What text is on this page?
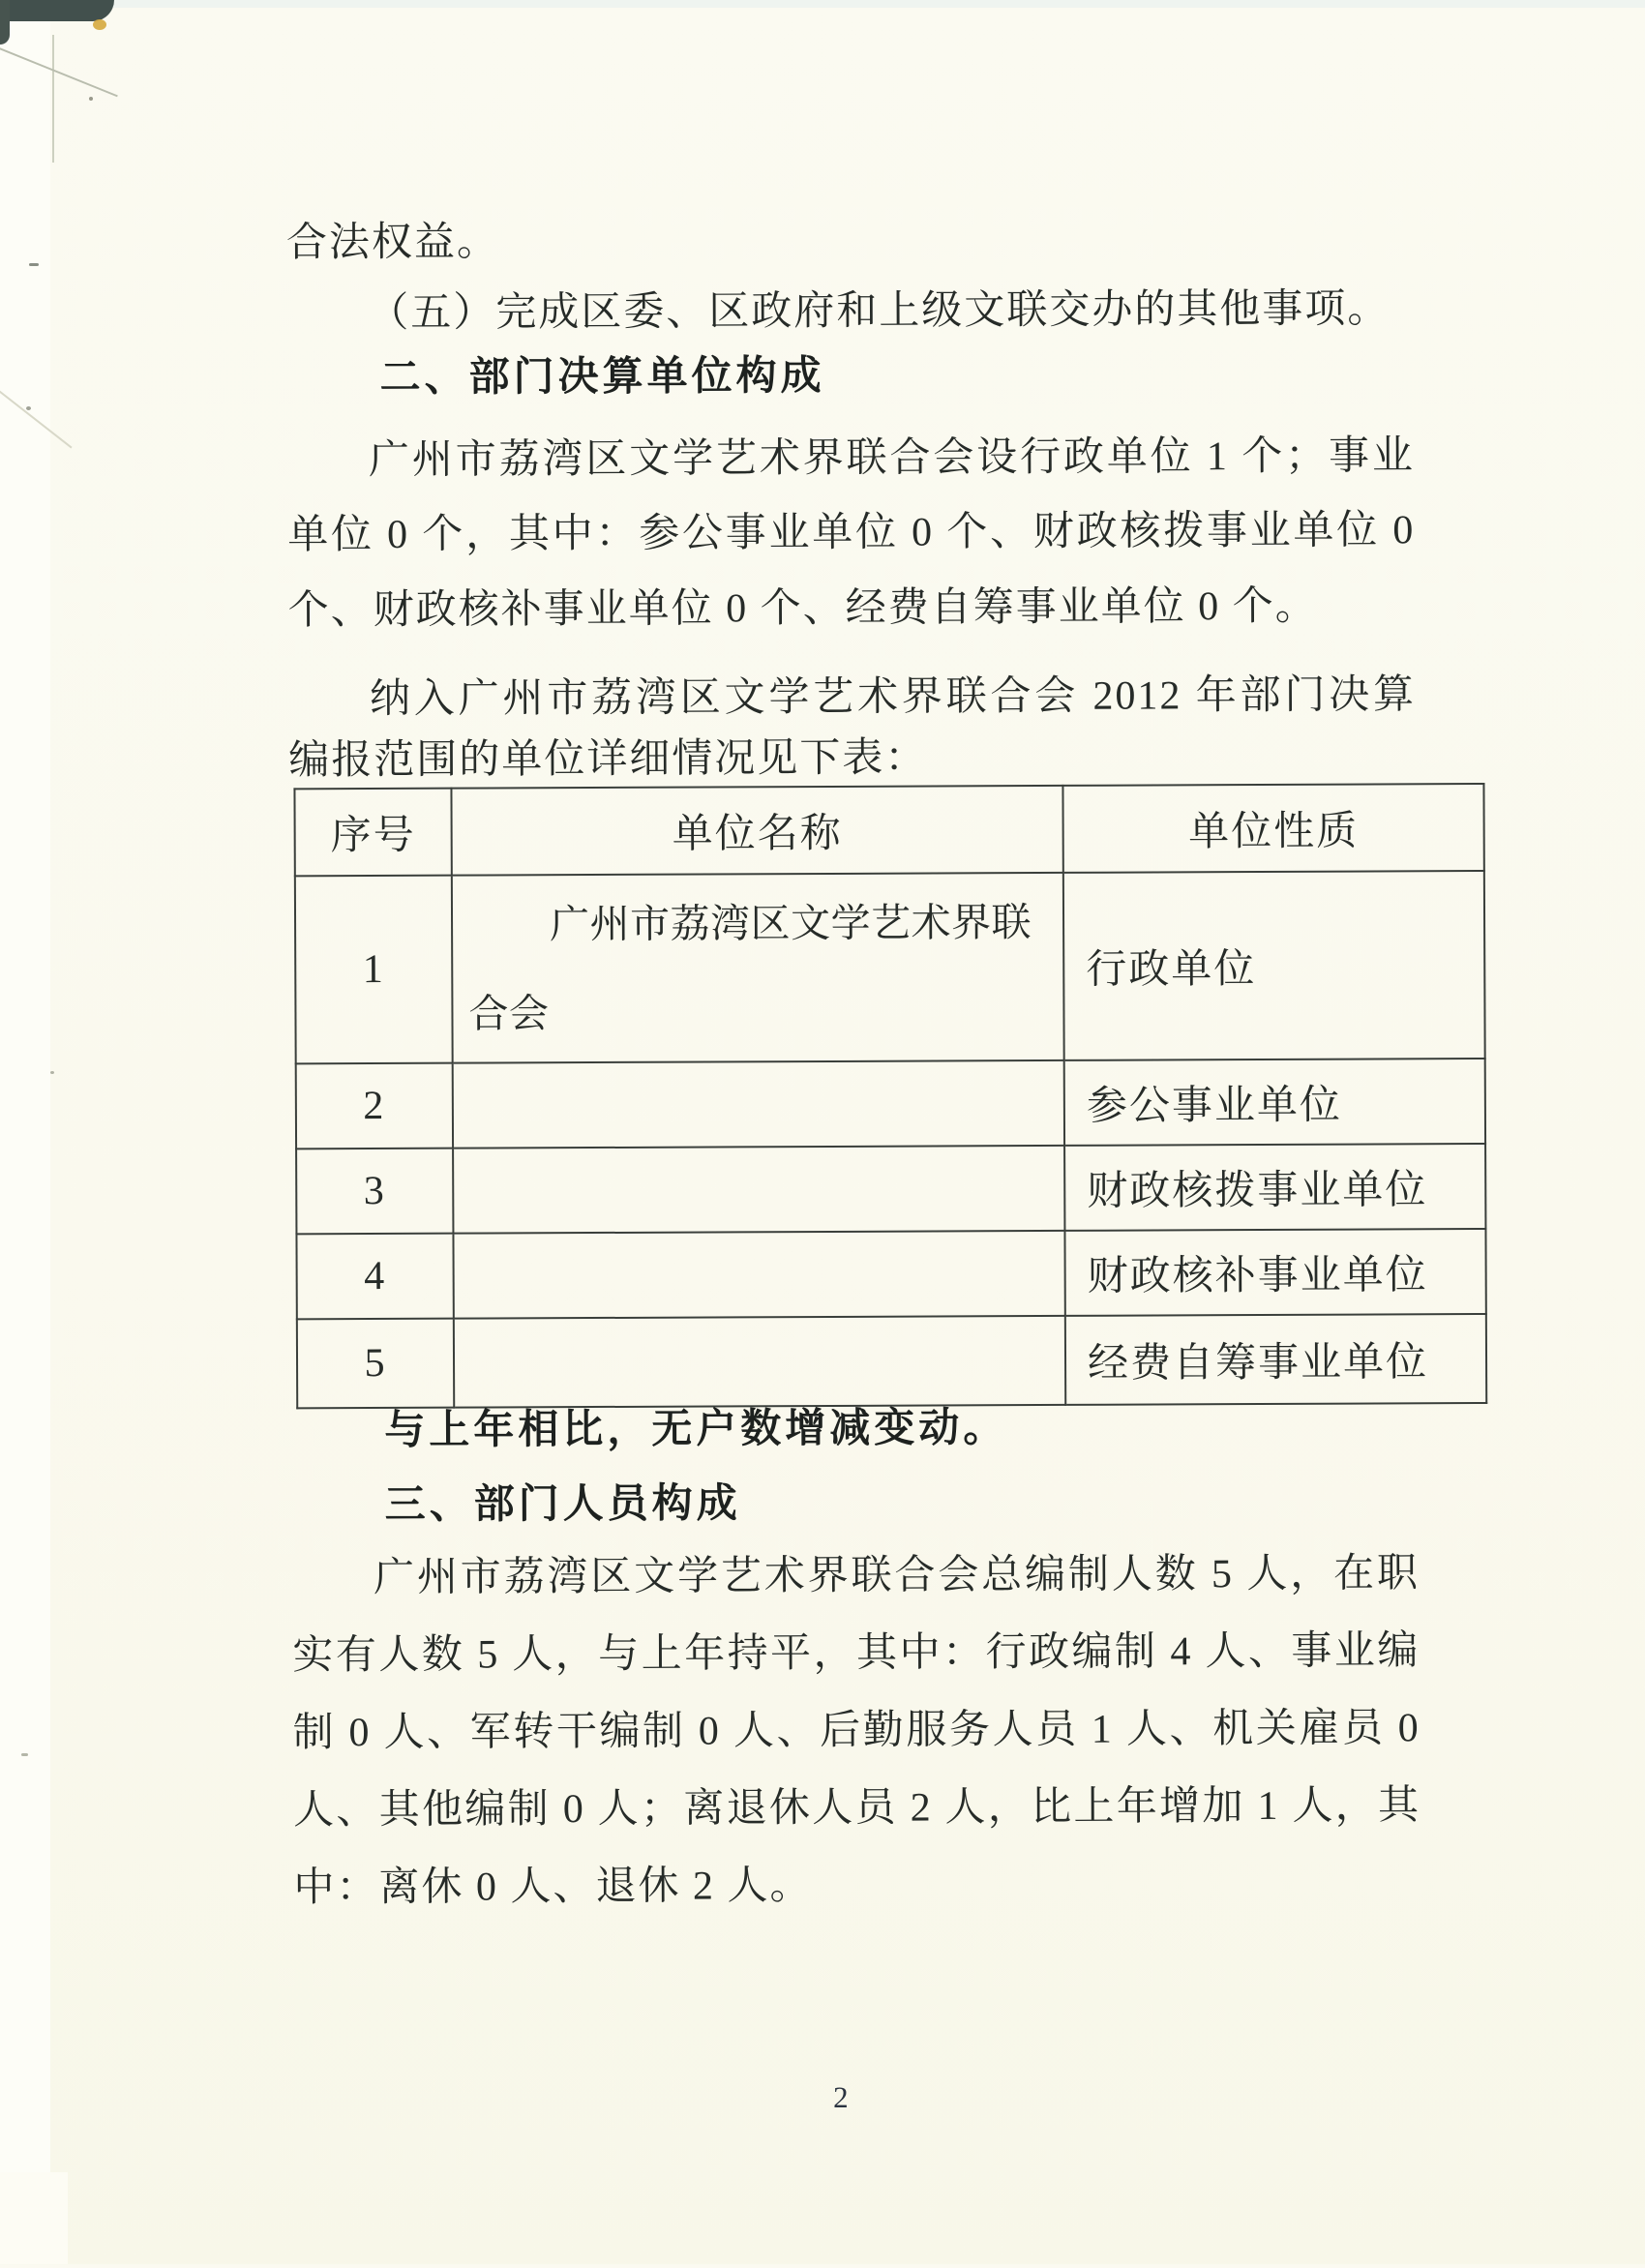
合法权益。
（五）完成区委、区政府和上级文联交办的其他事项。
二、部门决算单位构成
广州市荔湾区文学艺术界联合会设行政单位 1 个；事业
单位 0 个，其中：参公事业单位 0 个、财政核拨事业单位 0
个、财政核补事业单位 0 个、经费自筹事业单位 0 个。
纳入广州市荔湾区文学艺术界联合会 2012 年部门决算
编报范围的单位详细情况见下表：
序号	单位名称	单位性质
1	广州市荔湾区文学艺术界联合会	行政单位
2		参公事业单位
3		财政核拨事业单位
4		财政核补事业单位
5		经费自筹事业单位
与上年相比，无户数增减变动。
三、部门人员构成
广州市荔湾区文学艺术界联合会总编制人数 5 人，在职
实有人数 5 人，与上年持平，其中：行政编制 4 人、事业编
制 0 人、军转干编制 0 人、后勤服务人员 1 人、机关雇员 0
人、其他编制 0 人；离退休人员 2 人，比上年增加 1 人，其
中：离休 0 人、退休 2 人。
2
